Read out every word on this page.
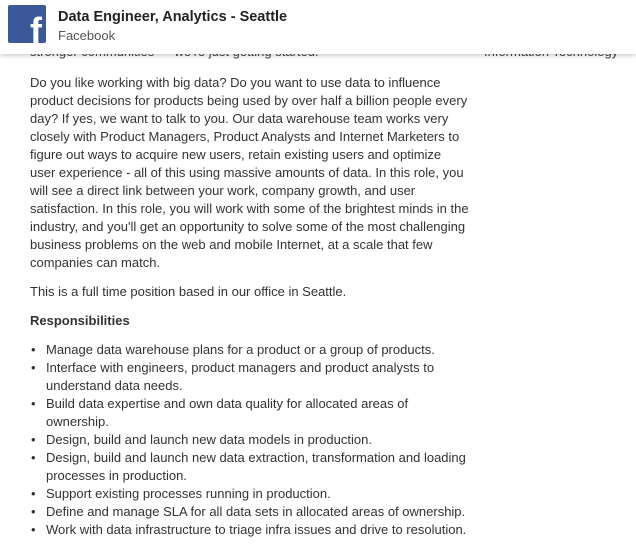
f Data Engineer, Analytics - Seattle
Facebook

Do you like working with big data? Do you want to use data to influence product decisions for products being used by over half a billion people every day? If yes, we want to talk to you. Our data warehouse team works very closely with Product Managers, Product Analysts and Internet Marketers to figure out ways to acquire new users, retain existing users and optimize user experience - all of this using massive amounts of data. In this role, you will see a direct link between your work, company growth, and user satisfaction. In this role, you will work with some of the brightest minds in the industry, and you'll get an opportunity to solve some of the most challenging business problems on the web and mobile Internet, at a scale that few companies can match.

This is a full time position based in our office in Seattle.

Responsibilities
• Manage data warehouse plans for a product or a group of products.
• Interface with engineers, product managers and product analysts to understand data needs.
• Build data expertise and own data quality for allocated areas of ownership.
• Design, build and launch new data models in production.
• Design, build and launch new data extraction, transformation and loading processes in production.
• Support existing processes running in production.
• Define and manage SLA for all data sets in allocated areas of ownership.
• Work with data infrastructure to triage infra issues and drive to resolution.
